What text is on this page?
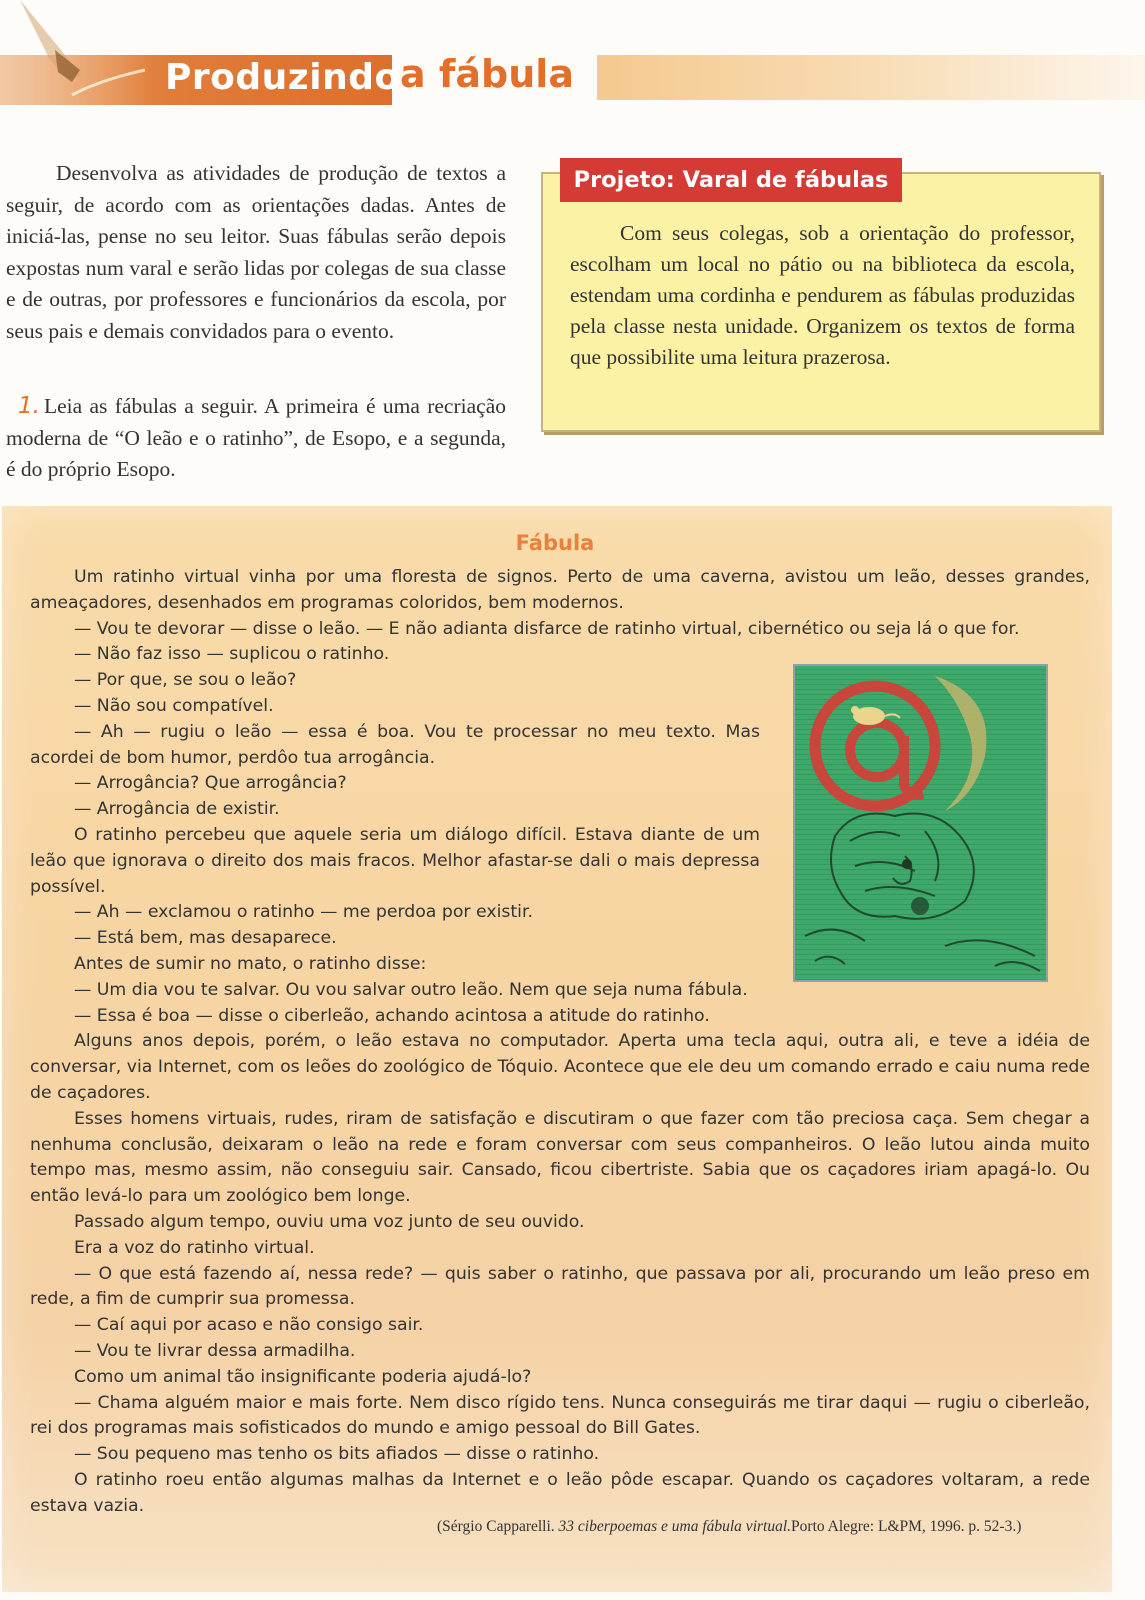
Produzindo a fábula

Desenvolva as atividades de produção de textos a seguir, de acordo com as orientações dadas. Antes de iniciá-las, pense no seu leitor. Suas fábulas serão depois expostas num varal e serão lidas por colegas de sua classe e de outras, por professores e funcionários da escola, por seus pais e demais convidados para o evento.

1. Leia as fábulas a seguir. A primeira é uma recriação moderna de “O leão e o ratinho”, de Esopo, e a segunda, é do próprio Esopo.
Projeto: Varal de fábulas

Com seus colegas, sob a orientação do professor, escolham um local no pátio ou na biblioteca da escola, estendam uma cordinha e pendurem as fábulas produzidas pela classe nesta unidade. Organizem os textos de forma que possibilite uma leitura prazerosa.

Fábula

Um ratinho virtual vinha por uma floresta de signos. Perto de uma caverna, avistou um leão, desses grandes, ameaçadores, desenhados em programas coloridos, bem modernos.

— Vou te devorar — disse o leão. — E não adianta disfarce de ratinho virtual, cibernético ou seja lá o que for.

— Não faz isso — suplicou o ratinho.

— Por que, se sou o leão?

— Não sou compatível.

— Ah — rugiu o leão — essa é boa. Vou te processar no meu texto. Mas acordei de bom humor, perdôo tua arrogância.

— Arrogância? Que arrogância?

— Arrogância de existir.

O ratinho percebeu que aquele seria um diálogo difícil. Estava diante de um leão que ignorava o direito dos mais fracos. Melhor afastar-se dali o mais depressa possível.

— Ah — exclamou o ratinho — me perdoa por existir.

— Está bem, mas desaparece.

Antes de sumir no mato, o ratinho disse:

— Um dia vou te salvar. Ou vou salvar outro leão. Nem que seja numa fábula.

— Essa é boa — disse o ciberleão, achando acintosa a atitude do ratinho.

Alguns anos depois, porém, o leão estava no computador. Aperta uma tecla aqui, outra ali, e teve a idéia de conversar, via Internet, com os leões do zoológico de Tóquio. Acontece que ele deu um comando errado e caiu numa rede de caçadores.

Esses homens virtuais, rudes, riram de satisfação e discutiram o que fazer com tão preciosa caça. Sem chegar a nenhuma conclusão, deixaram o leão na rede e foram conversar com seus companheiros. O leão lutou ainda muito tempo mas, mesmo assim, não conseguiu sair. Cansado, ficou cibertriste. Sabia que os caçadores iriam apagá-lo. Ou então levá-lo para um zoológico bem longe.

Passado algum tempo, ouviu uma voz junto de seu ouvido.

Era a voz do ratinho virtual.

— O que está fazendo aí, nessa rede? — quis saber o ratinho, que passava por ali, procurando um leão preso em rede, a fim de cumprir sua promessa.

— Caí aqui por acaso e não consigo sair.

— Vou te livrar dessa armadilha.

Como um animal tão insignificante poderia ajudá-lo?

— Chama alguém maior e mais forte. Nem disco rígido tens. Nunca conseguirás me tirar daqui — rugiu o ciberleão, rei dos programas mais sofisticados do mundo e amigo pessoal do Bill Gates.

— Sou pequeno mas tenho os bits afiados — disse o ratinho.

O ratinho roeu então algumas malhas da Internet e o leão pôde escapar. Quando os caçadores voltaram, a rede estava vazia.

(Sérgio Capparelli. 33 ciberpoemas e uma fábula virtual.Porto Alegre: L&PM, 1996. p. 52-3.)
